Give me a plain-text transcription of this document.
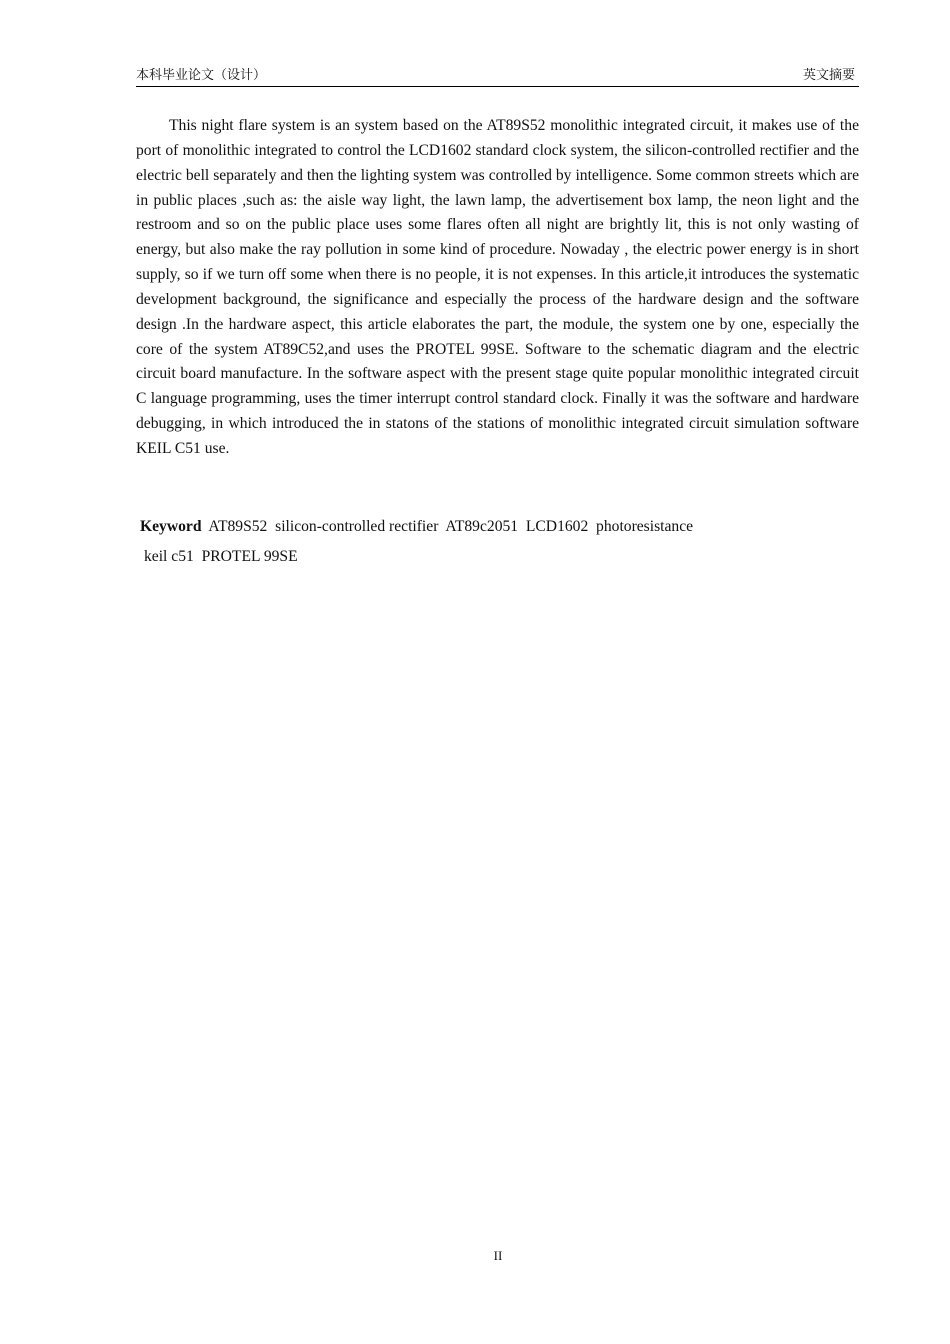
本科毕业论文（设计）	英文摘要

This night flare system is an system based on the AT89S52 monolithic integrated circuit, it makes use of the port of monolithic integrated to control the LCD1602 standard clock system, the silicon-controlled rectifier and the electric bell separately and then the lighting system was controlled by intelligence. Some common streets which are in public places ,such as: the aisle way light, the lawn lamp, the advertisement box lamp, the neon light and the restroom and so on the public place uses some flares often all night are brightly lit, this is not only wasting of energy, but also make the ray pollution in some kind of procedure. Nowaday , the electric power energy is in short supply, so if we turn off some when there is no people, it is not expenses. In this article,it introduces the systematic development background, the significance and especially the process of the hardware design and the software design .In the hardware aspect, this article elaborates the part, the module, the system one by one, especially the core of the system AT89C52,and uses the PROTEL 99SE. Software to the schematic diagram and the electric circuit board manufacture. In the software aspect with the present stage quite popular monolithic integrated circuit C language programming, uses the timer interrupt control standard clock. Finally it was the software and hardware debugging, in which introduced the in statons of the stations of monolithic integrated circuit simulation software KEIL C51 use.

Keyword  AT89S52  silicon-controlled rectifier  AT89c2051  LCD1602  photoresistance
keil c51  PROTEL 99SE
II
